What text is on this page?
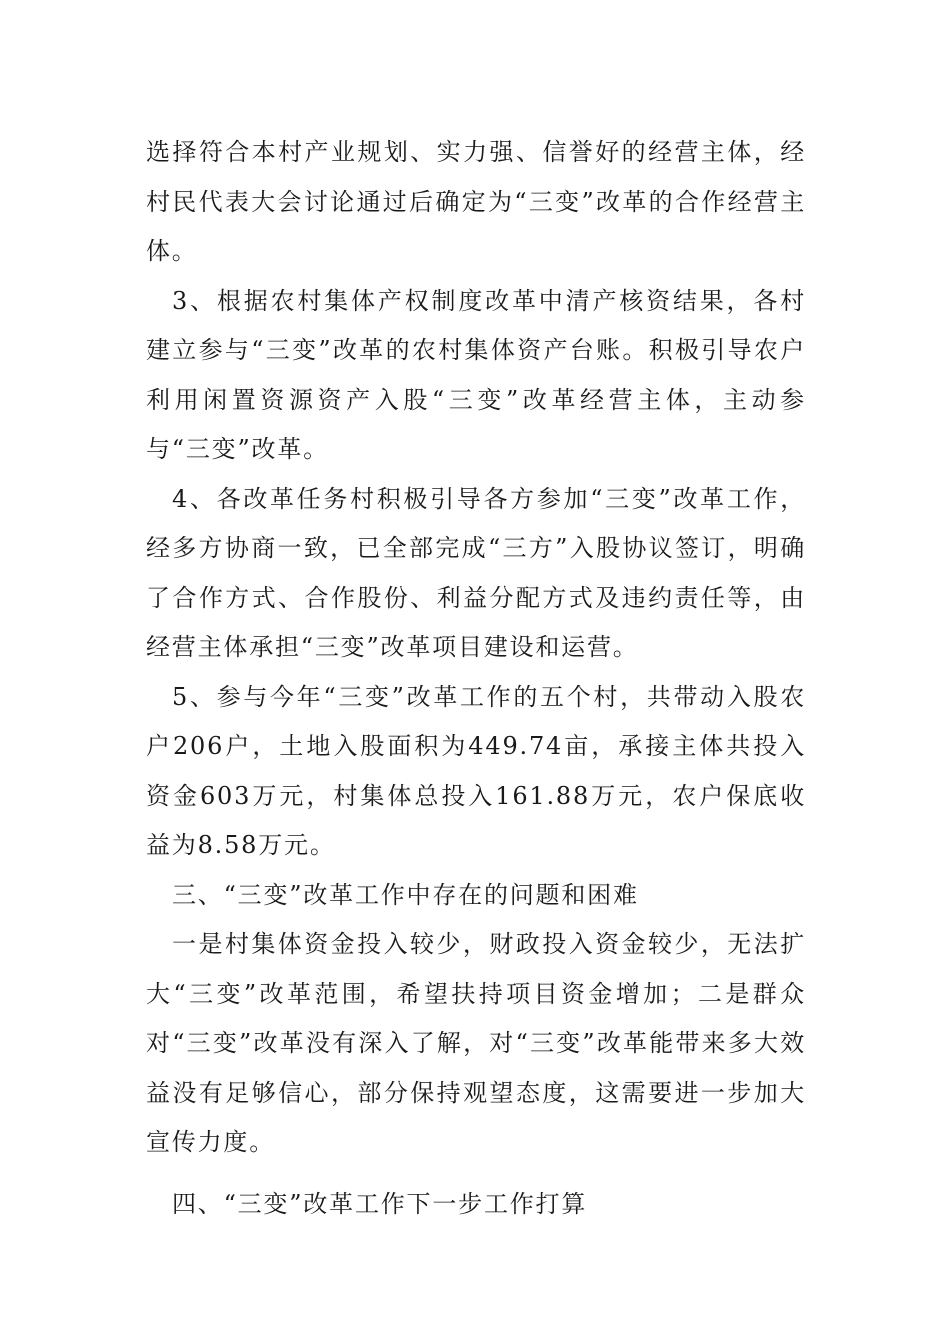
选择符合本村产业规划、实力强、信誉好的经营主体，经村民代表大会讨论通过后确定为“三变”改革的合作经营主体。

3、根据农村集体产权制度改革中清产核资结果，各村建立参与“三变”改革的农村集体资产台账。积极引导农户利用闲置资源资产入股“三变”改革经营主体，主动参与“三变”改革。

4、各改革任务村积极引导各方参加“三变”改革工作，经多方协商一致，已全部完成“三方”入股协议签订，明确了合作方式、合作股份、利益分配方式及违约责任等，由经营主体承担“三变”改革项目建设和运营。

5、参与今年“三变”改革工作的五个村，共带动入股农户206户，土地入股面积为449.74亩，承接主体共投入资金603万元，村集体总投入161.88万元，农户保底收益为8.58万元。

三、“三变”改革工作中存在的问题和困难

一是村集体资金投入较少，财政投入资金较少，无法扩大“三变”改革范围，希望扶持项目资金增加；二是群众对“三变”改革没有深入了解，对“三变”改革能带来多大效益没有足够信心，部分保持观望态度，这需要进一步加大宣传力度。

四、“三变”改革工作下一步工作打算
